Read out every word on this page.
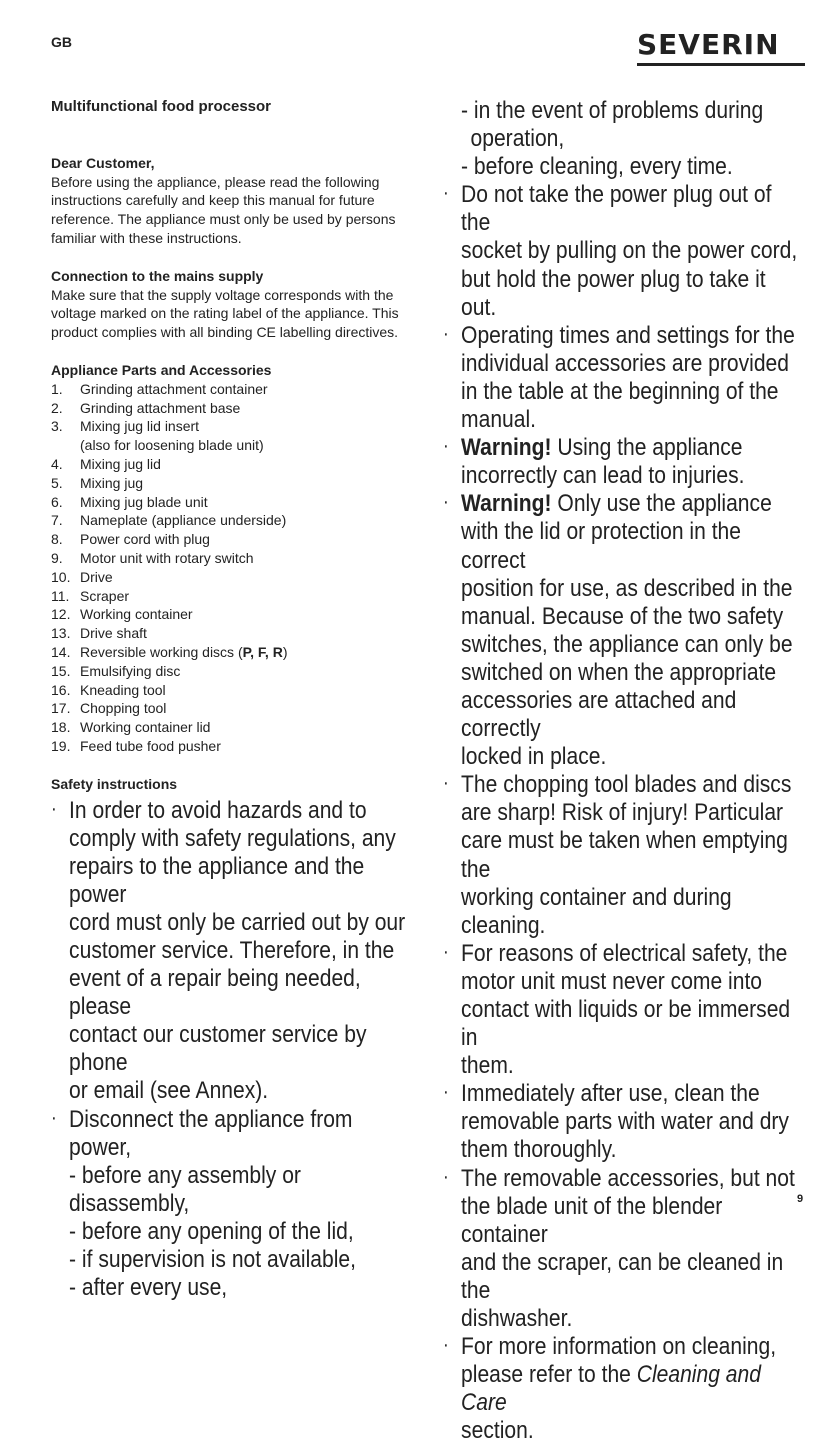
GB	SEVERIN
Multifunctional food processor
Dear Customer,
Before using the appliance, please read the following
instructions carefully and keep this manual for future
reference. The appliance must only be used by persons
familiar with these instructions.
Connection to the mains supply
Make sure that the supply voltage corresponds with the
voltage marked on the rating label of the appliance. This
product complies with all binding CE labelling directives.
Appliance Parts and Accessories
1. Grinding attachment container
2. Grinding attachment base
3. Mixing jug lid insert
(also for loosening blade unit)
4. Mixing jug lid
5. Mixing jug
6. Mixing jug blade unit
7. Nameplate (appliance underside)
8. Power cord with plug
9. Motor unit with rotary switch
10. Drive
11. Scraper
12. Working container
13. Drive shaft
14. Reversible working discs (P, F, R)
15. Emulsifying disc
16. Kneading tool
17. Chopping tool
18. Working container lid
19. Feed tube food pusher
Safety instructions
· In order to avoid hazards and to
comply with safety regulations, any
repairs to the appliance and the power
cord must only be carried out by our
customer service. Therefore, in the
event of a repair being needed, please
contact our customer service by phone
or email (see Annex).
· Disconnect the appliance from power,
- before any assembly or disassembly,
- before any opening of the lid,
- if supervision is not available,
- after every use,
- in the event of problems during
operation,
- before cleaning, every time.
· Do not take the power plug out of the
socket by pulling on the power cord,
but hold the power plug to take it out.
· Operating times and settings for the
individual accessories are provided
in the table at the beginning of the
manual.
· Warning! Using the appliance
incorrectly can lead to injuries.
· Warning! Only use the appliance
with the lid or protection in the correct
position for use, as described in the
manual. Because of the two safety
switches, the appliance can only be
switched on when the appropriate
accessories are attached and correctly
locked in place.
· The chopping tool blades and discs
are sharp! Risk of injury! Particular
care must be taken when emptying the
working container and during cleaning.
· For reasons of electrical safety, the
motor unit must never come into
contact with liquids or be immersed in
them.
· Immediately after use, clean the
removable parts with water and dry
them thoroughly.
· The removable accessories, but not
the blade unit of the blender container
and the scraper, can be cleaned in the
dishwasher.
· For more information on cleaning,
please refer to the Cleaning and Care
section.
9
